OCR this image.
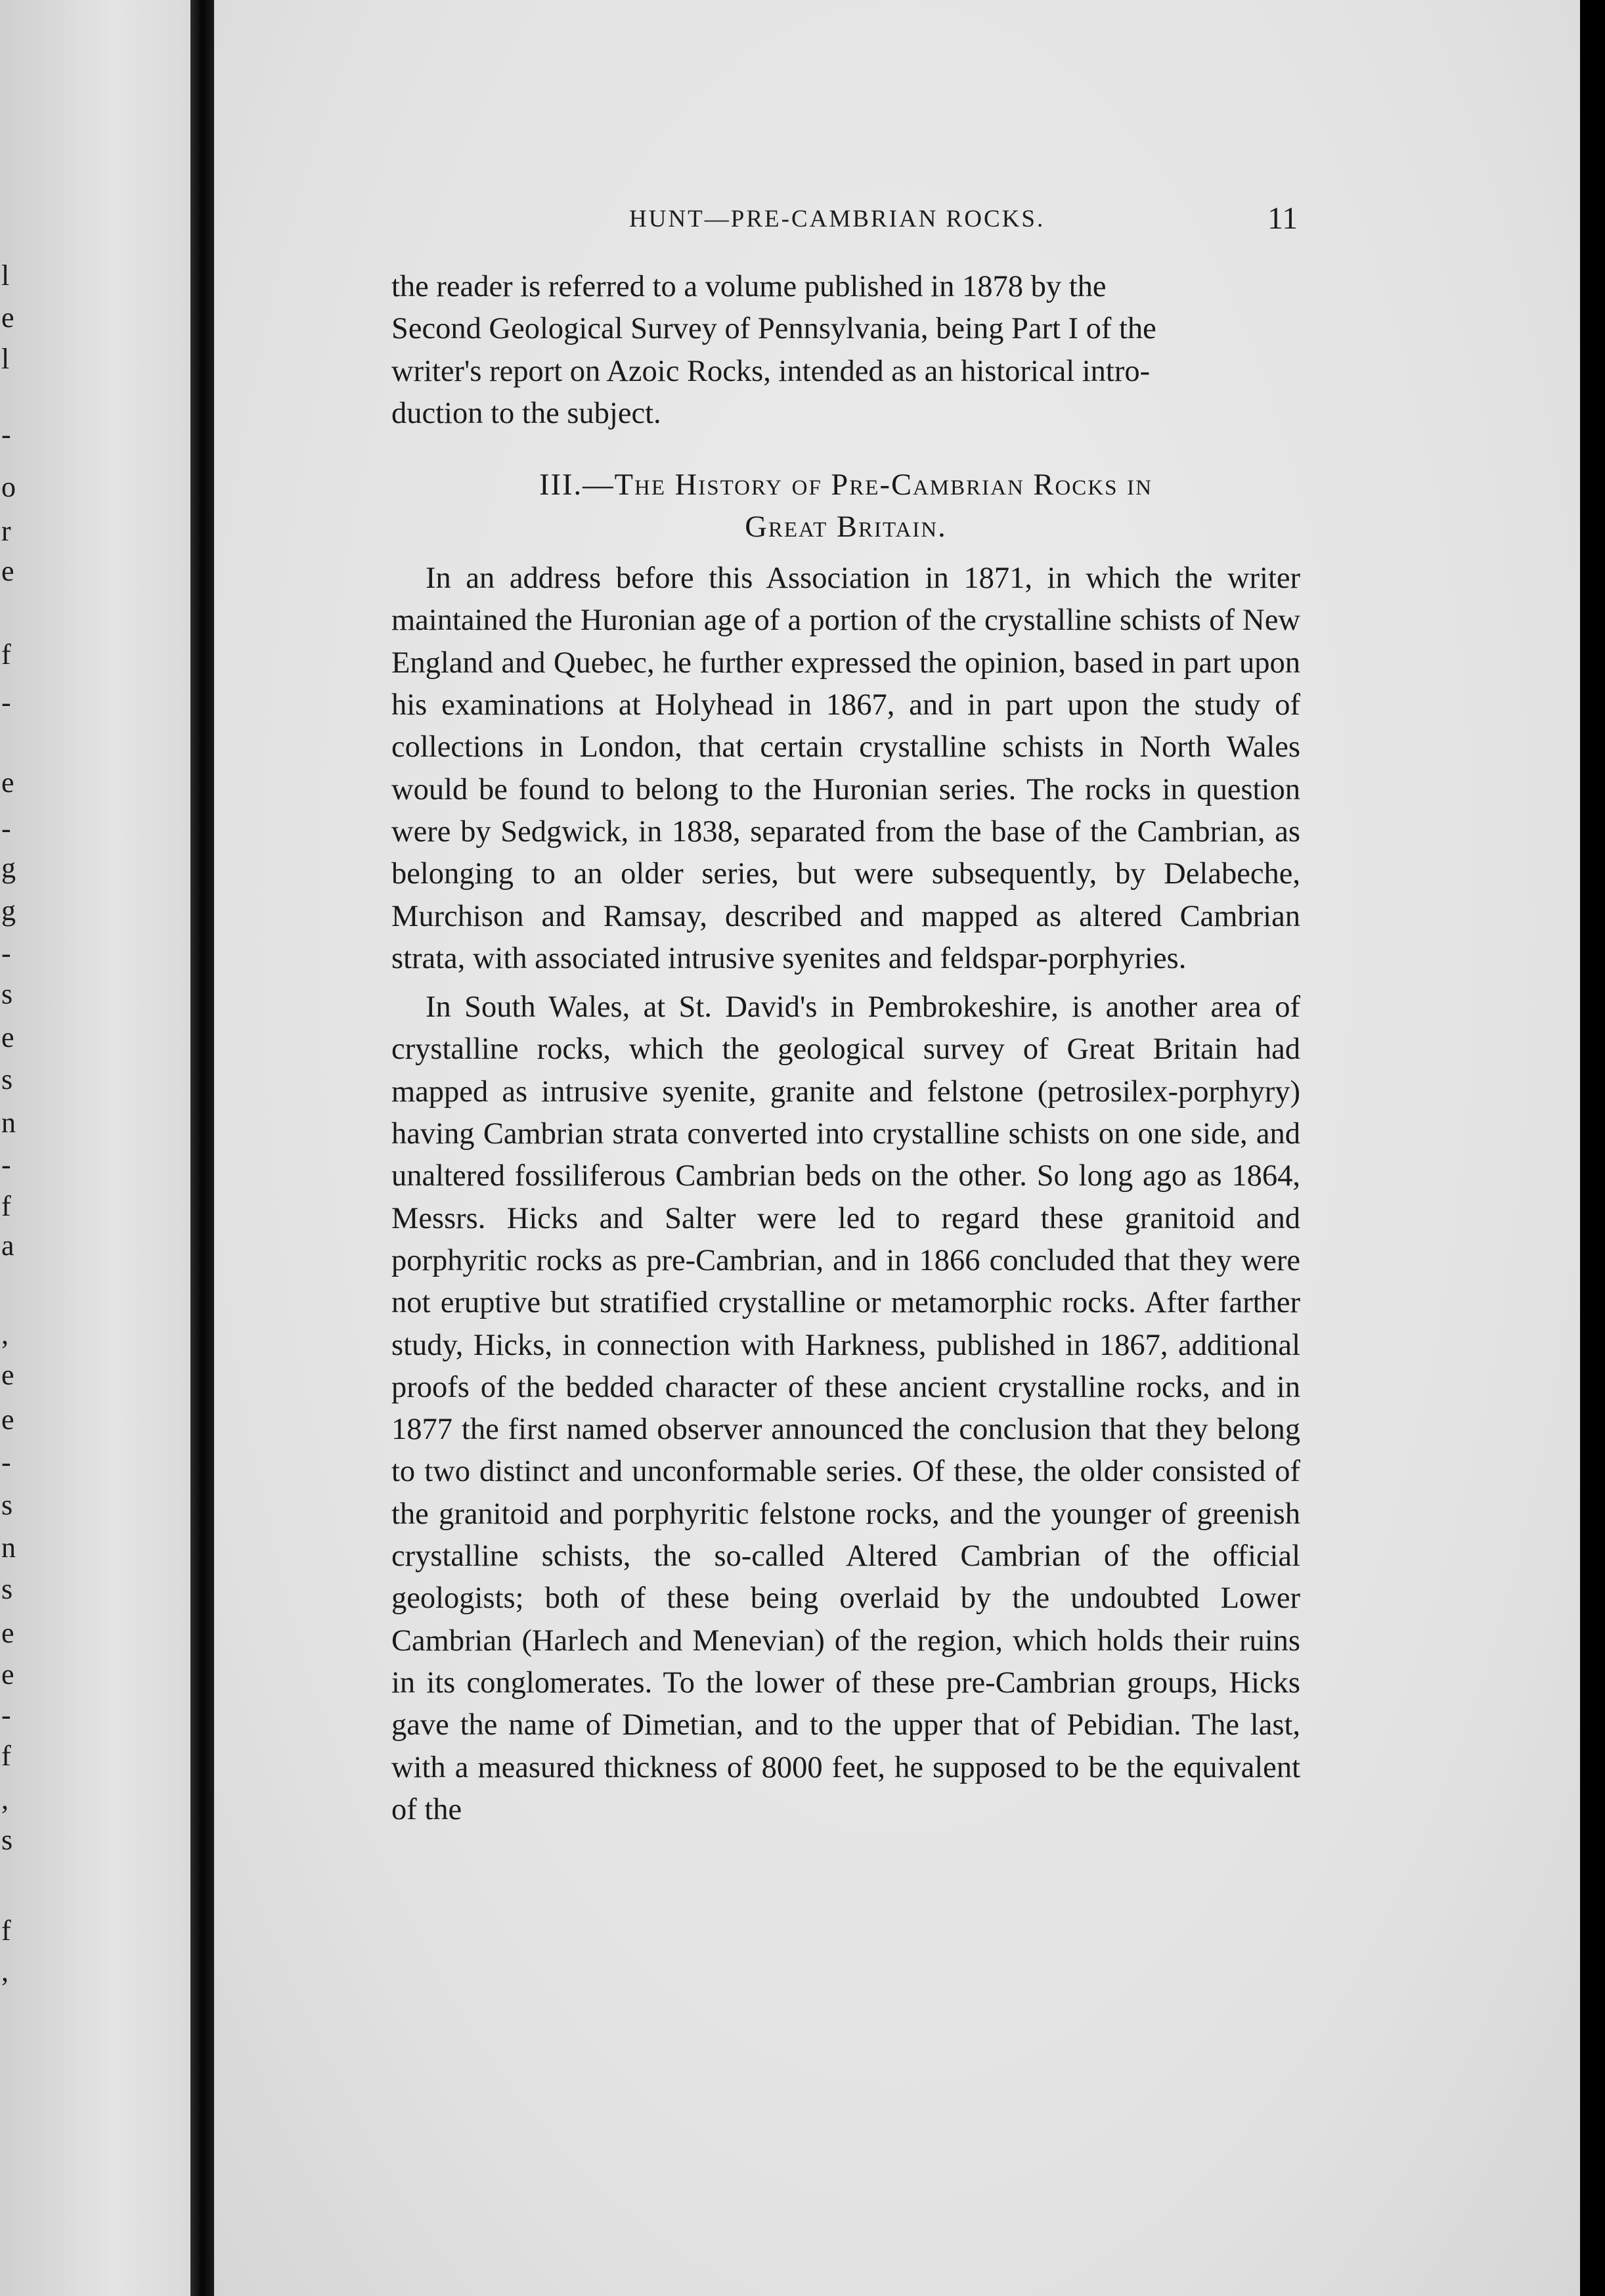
l
e
l
-
o
r
e
f
-
e
-
g
g
-
s
e
s
n
-
f
a
,
e
e
-
s
n
s
e
e
-
f
,
s
f
,
HUNT—PRE-CAMBRIAN ROCKS.	11

the reader is referred to a volume published in 1878 by the
Second Geological Survey of Pennsylvania, being Part I of the
writer's report on Azoic Rocks, intended as an historical intro-
duction to the subject.

III.—The History of Pre-Cambrian Rocks in
Great Britain.

In an address before this Association in 1871, in which the writer maintained the Huronian age of a portion of the crystalline schists of New England and Quebec, he further expressed the opinion, based in part upon his examinations at Holyhead in 1867, and in part upon the study of collections in London, that certain crystalline schists in North Wales would be found to belong to the Huronian series. The rocks in question were by Sedgwick, in 1838, separated from the base of the Cambrian, as belonging to an older series, but were subsequently, by Delabeche, Murchison and Ramsay, described and mapped as altered Cambrian strata, with associated intrusive syenites and feldspar-porphyries.

In South Wales, at St. David's in Pembrokeshire, is another area of crystalline rocks, which the geological survey of Great Britain had mapped as intrusive syenite, granite and felstone (petrosilex-porphyry) having Cambrian strata converted into crystalline schists on one side, and unaltered fossiliferous Cambrian beds on the other. So long ago as 1864, Messrs. Hicks and Salter were led to regard these granitoid and porphyritic rocks as pre-Cambrian, and in 1866 concluded that they were not eruptive but stratified crystalline or metamorphic rocks. After farther study, Hicks, in connection with Harkness, published in 1867, additional proofs of the bedded character of these ancient crystalline rocks, and in 1877 the first named observer announced the conclusion that they belong to two distinct and unconformable series. Of these, the older consisted of the granitoid and porphyritic felstone rocks, and the younger of greenish crystalline schists, the so-called Altered Cambrian of the official geologists; both of these being overlaid by the undoubted Lower Cambrian (Harlech and Menevian) of the region, which holds their ruins in its conglomerates. To the lower of these pre-Cambrian groups, Hicks gave the name of Dimetian, and to the upper that of Pebidian. The last, with a measured thickness of 8000 feet, he supposed to be the equivalent of the
